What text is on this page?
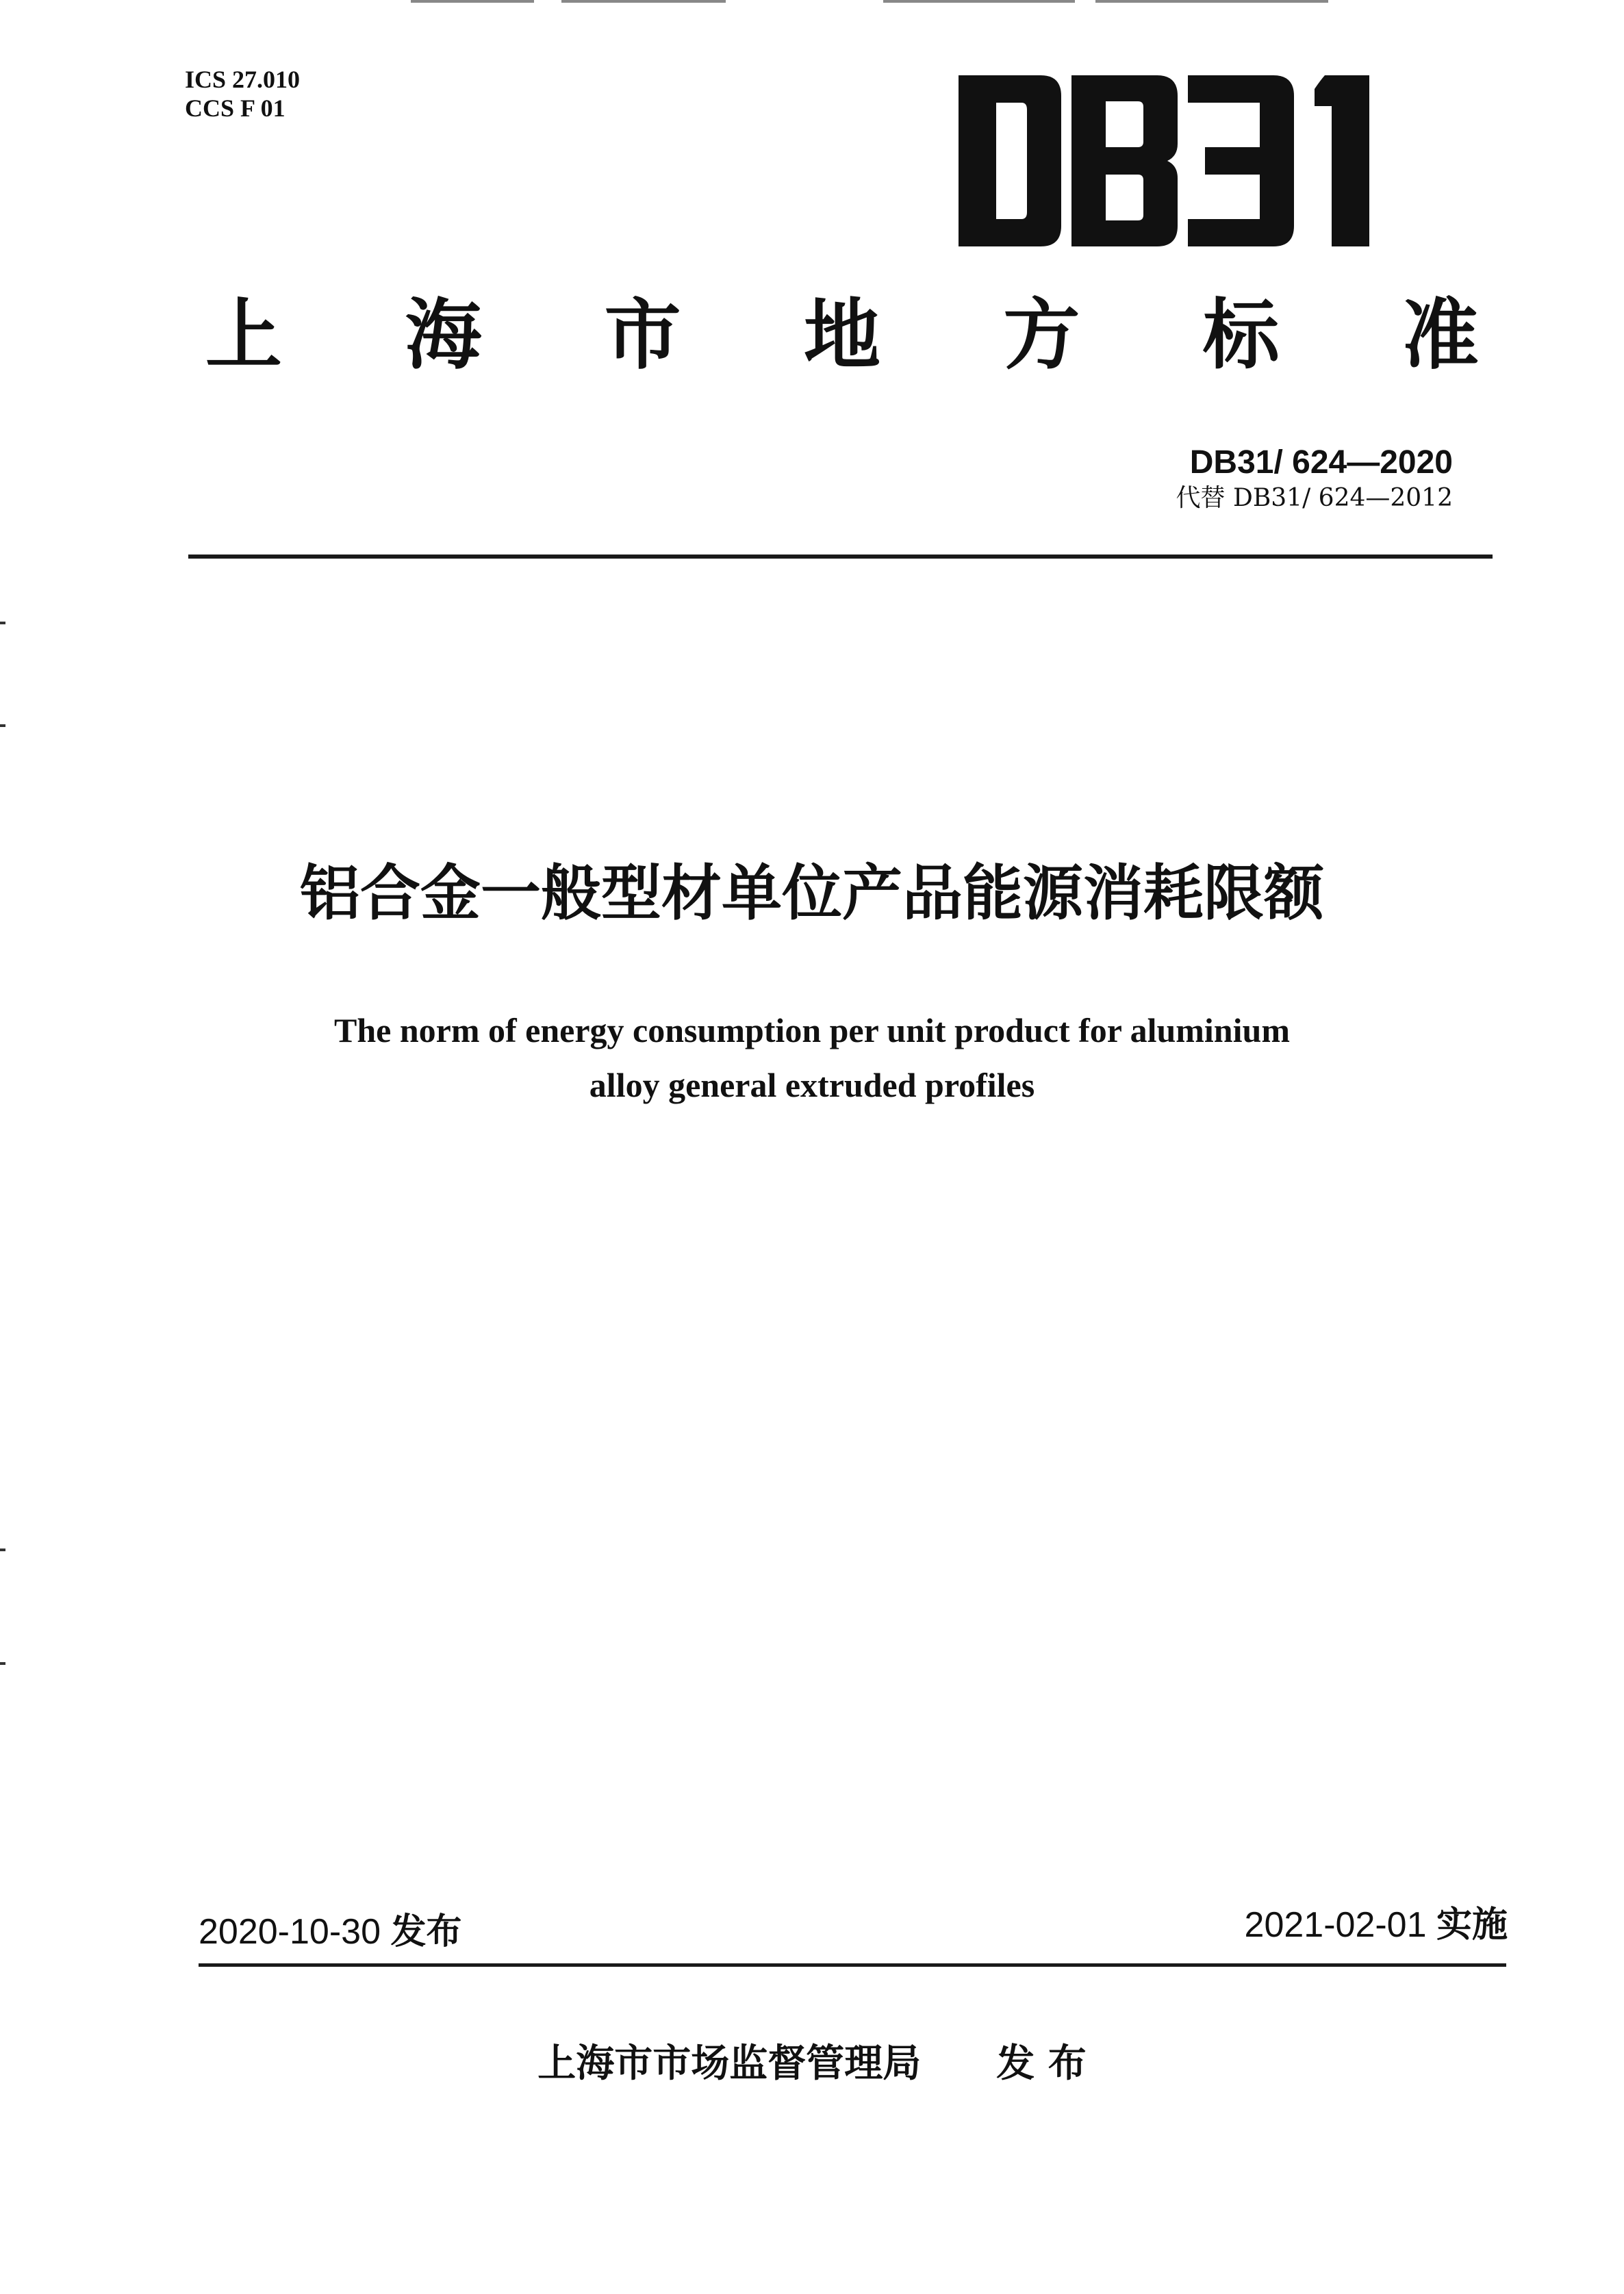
ICS 27.010
CCS F 01
上 海 市 地 方 标 准
DB31/ 624—2020
代替 DB31/ 624—2012
铝合金一般型材单位产品能源消耗限额
The norm of energy consumption per unit product for aluminium
alloy general extruded profiles
2020-10-30 发布	2021-02-01 实施
上海市市场监督管理局 发 布
